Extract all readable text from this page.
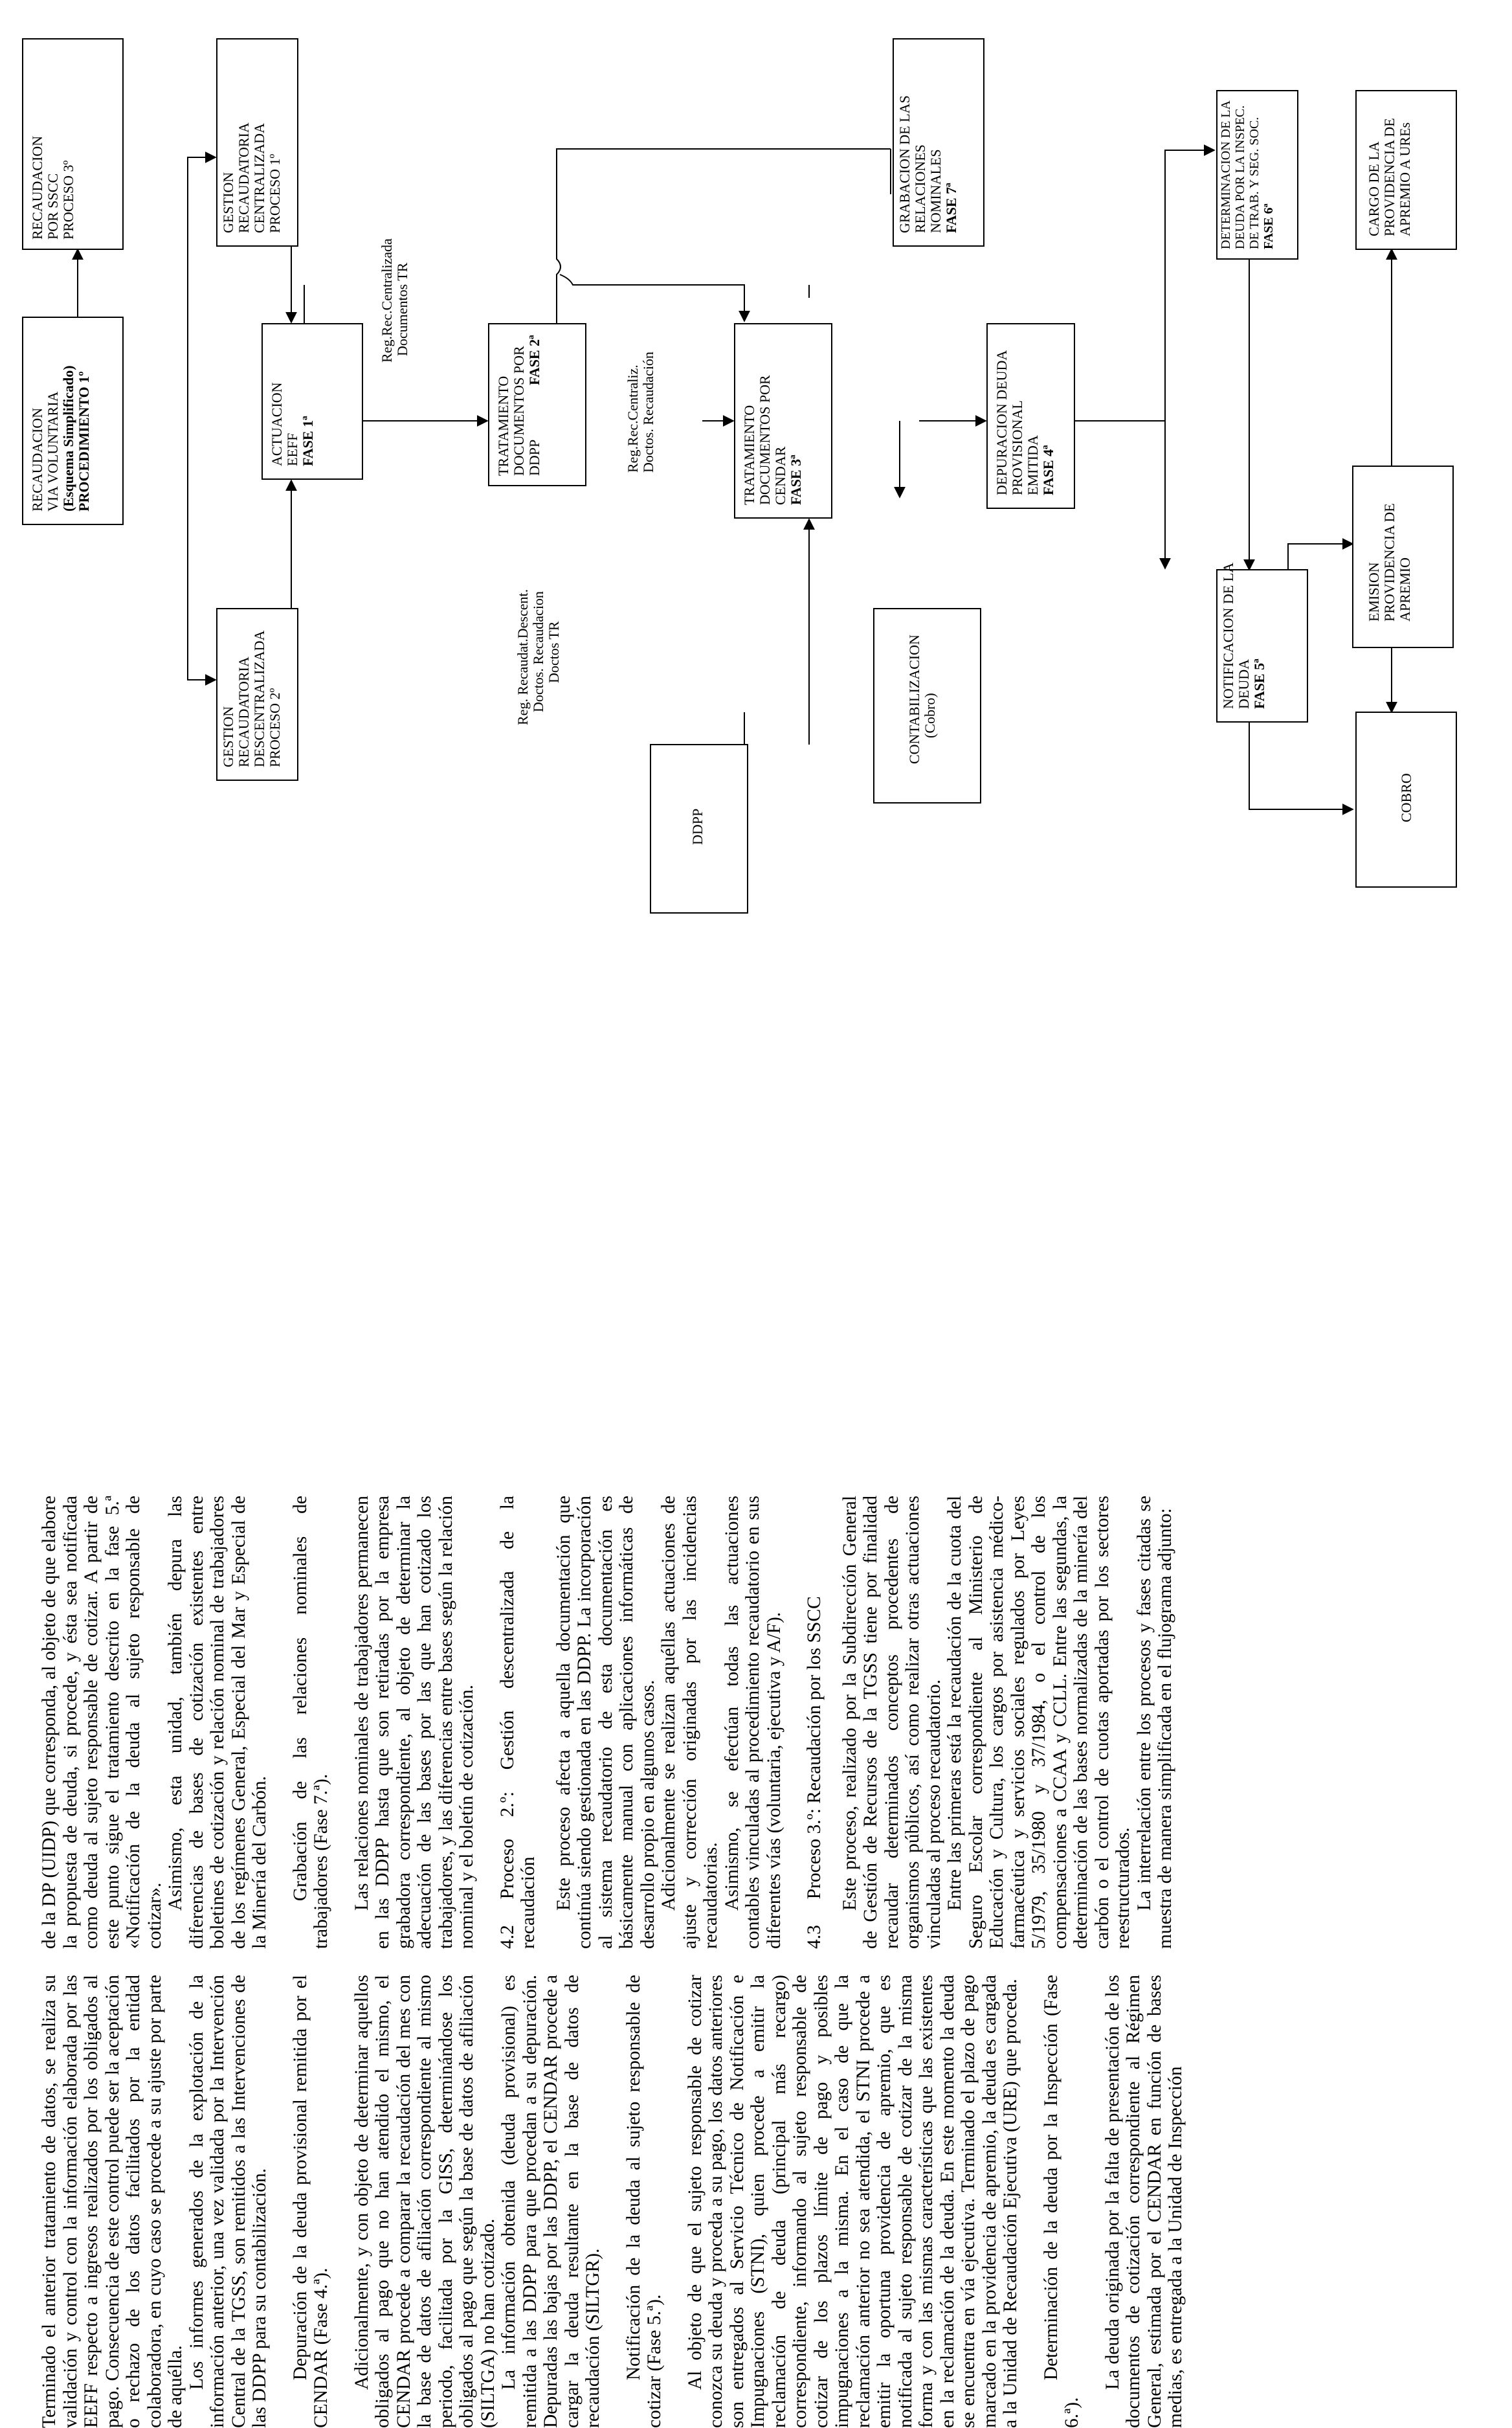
RECAUDACION POR SSCC PROCESO 3º	GESTION RECAUDATORIA CENTRALIZADA PROCESO 1º	GRABACION DE LAS RELACIONES NOMINALES FASE 7ª	DETERMINACION DE LA DEUDA POR LA INSPEC. DE TRAB. Y SEG. SOC. FASE 6ª	CARGO DE LA PROVIDENCIA DE APREMIO A UREs
RECAUDACION VIA VOLUNTARIA (Esquema Simplificado) PROCEDIMIENTO 1º	ACTUACION EEFF FASE 1ª	TRATAMIENTO DOCUMENTOS POR DDPP
FASE 2ª
TRATAMIENTO DOCUMENTOS POR CENDAR FASE 3ª	DEPURACION DEUDA PROVISIONAL EMITIDA FASE 4ª
EMISION PROVIDENCIA DE APREMIO
GESTION RECAUDATORIA DESCENTRALIZADA PROCESO 2º	CONTABILIZACION (Cobro)
NOTIFICACION DE LA DEUDA FASE 5ª
DDPP
COBRO
Reg.Rec.Centralizada Documentos TR
Reg.Rec.Centraliz. Doctos. Recaudación
Reg. Recaudat.Descent. Doctos. Recaudacion Doctos TR

Terminado el anterior tratamiento de datos, se realiza su validación y control con la información elaborada por las EEFF respecto a ingresos realizados por los obligados al pago. Consecuencia de este control puede ser la aceptación o rechazo de los datos facilitados por la entidad colaboradora, en cuyo caso se procede a su ajuste por parte de aquélla. Los informes generados de la explotación de la información anterior, una vez validada por la Intervención Central de la TGSS, son remitidos a las Intervenciones de las DDPP para su contabilización. Depuración de la deuda provisional remitida por el CENDAR (Fase 4.ª). Adicionalmente, y con objeto de determinar aquellos obligados al pago que no han atendido el mismo, el CENDAR procede a comparar la recaudación del mes con la base de datos de afiliación correspondiente al mismo periodo, facilitada por la GISS, determinándose los obligados al pago que según la base de datos de afiliación (SILTGA) no han cotizado. La información obtenida (deuda provisional) es remitida a las DDPP para que procedan a su depuración. Depuradas las bajas por las DDPP, el CENDAR procede a cargar la deuda resultante en la base de datos de recaudación (SILTGR). Notificación de la deuda al sujeto responsable de cotizar (Fase 5.ª). Al objeto de que el sujeto responsable de cotizar conozca su deuda y proceda a su pago, los datos anteriores son entregados al Servicio Técnico de Notificación e Impugnaciones (STNI), quien procede a emitir la reclamación de deuda (principal más recargo) correspondiente, informando al sujeto responsable de cotizar de los plazos límite de pago y posibles impugnaciones a la misma. En el caso de que la reclamación anterior no sea atendida, el STNI procede a emitir la oportuna providencia de apremio, que es notificada al sujeto responsable de cotizar de la misma forma y con las mismas características que las existentes en la reclamación de la deuda. En este momento la deuda se encuentra en vía ejecutiva. Terminado el plazo de pago marcado en la providencia de apremio, la deuda es cargada a la Unidad de Recaudación Ejecutiva (URE) que proceda. Determinación de la deuda por la Inspección (Fase 6.ª).

La deuda originada por la falta de presentación de los documentos de cotización correspondiente al Régimen General, estimada por el CENDAR en función de bases medias, es entregada a la Unidad de Inspección

de la DP (UIDP) que corresponda, al objeto de que elabore la propuesta de deuda, si procede, y ésta sea notificada como deuda al sujeto responsable de cotizar. A partir de este punto sigue el tratamiento descrito en la fase 5.ª «Notificación de la deuda al sujeto responsable de cotizar».

Asimismo, esta unidad, también depura las diferencias de bases de cotización existentes entre boletines de cotización y relación nominal de trabajadores de los regímenes General, Especial del Mar y Especial de la Minería del Carbón. Grabación de las relaciones nominales de trabajadores (Fase 7.ª). Las relaciones nominales de trabajadores permanecen en las DDPP hasta que son retiradas por la empresa grabadora correspondiente, al objeto de determinar la adecuación de las bases por las que han cotizado los trabajadores, y las diferencias entre bases según la relación nominal y el boletín de cotización. 4.2Proceso 2.º: Gestión descentralizada de la recaudación Este proceso afecta a aquella documentación que continúa siendo gestionada en las DDPP. La incorporación al sistema recaudatorio de esta documentación es básicamente manual con aplicaciones informáticas de desarrollo propio en algunos casos. Adicionalmente se realizan aquéllas actuaciones de ajuste y corrección originadas por las incidencias recaudatorias. Asimismo, se efectúan todas las actuaciones contables vinculadas al procedimiento recaudatorio en sus diferentes vías (voluntaria, ejecutiva y A/F). 4.3Proceso 3.º: Recaudación por los SSCC Este proceso, realizado por la Subdirección General de Gestión de Recursos de la TGSS tiene por finalidad recaudar determinados conceptos procedentes de organismos públicos, así como realizar otras actuaciones vinculadas al proceso recaudatorio. Entre las primeras está la recaudación de la cuota del Seguro Escolar correspondiente al Ministerio de Educación y Cultura, los cargos por asistencia médico-farmacéutica y servicios sociales regulados por Leyes 5/1979, 35/1980 y 37/1984, o el control de los compensaciones a CCAA y CCLL. Entre las segundas, la determinación de las bases normalizadas de la minería del carbón o el control de cuotas aportadas por los sectores reestructurados. La interrelación entre los procesos y fases citadas se muestra de manera simplificada en el flujograma adjunto:
